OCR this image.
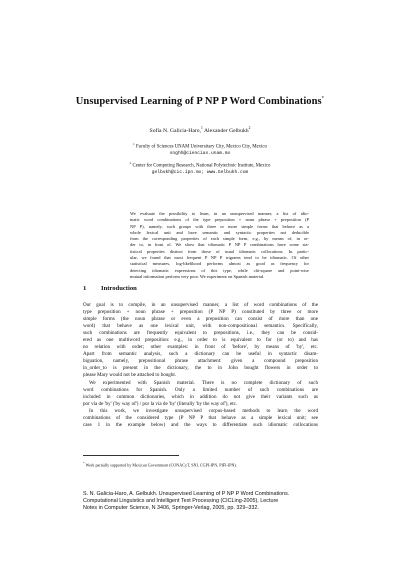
Unsupervised Learning of P NP P Word Combinations*
Sofía N. Galicia-Haro,$^1$ Alexander Gelbukh$^2$
$^1$ Faculty of Sciences UNAM Universitary City, Mexico City, Mexico
snghh@ciencias.unam.mx
$^2$ Center for Computing Research, National Polytechnic Institute, Mexico
gelbukh@cic.ipn.mx; www.Gelbukh.com
We evaluate the possibility to learn, in an unsupervised manner, a list of idio-
matic word combinations of the type preposition + noun phrase + preposition (P
NP P), namely, such groups with three or more simple forms that behave as a
whole lexical unit and have semantic and syntactic properties not deducible
from the corresponding properties of each simple form, e.g., by means of, in or-
der to, in front of. We show that idiomatic P NP P combinations have some sta-
tistical properties distinct from those of usual idiomatic collocations. In partic-
ular, we found that most frequent P NP P trigrams tend to be idiomatic. Of other
statistical measures, log-likelihood performs almost as good as frequency for
detecting idiomatic expressions of this type, while chi-square and point-wise
mutual information perform very poor. We experiment on Spanish material.
1 Introduction
Our goal is to compile, in an unsupervised manner, a list of word combinations of the
type preposition + noun phrase + preposition (P NP P) constituted by three or more
simple forms (the noun phrase or even a preposition can consist of more than one
word) that behave as one lexical unit, with non-compositional semantics. Specifically,
such combinations are frequently equivalent to prepositions, i.e., they can be consid-
ered as one multiword preposition: e.g., in order to is equivalent to for (or to) and has
no relation with order; other examples: in front of 'before', by means of 'by', etc.
Apart from semantic analysis, such a dictionary can be useful in syntactic disam-
biguation, namely, prepositional phrase attachment: given a compound preposition
in_order_to is present in the dictionary, the to in John bought flowers in order to
please Mary would not be attached to bought.
We experimented with Spanish material. There is no complete dictionary of such
word combinations for Spanish. Only a limited number of such combinations are
included in common dictionaries, which in addition do not give their variants such as
por vía de 'by' ('by way of') / por la vía de 'by' (literally 'by the way of'), etc.
In this work, we investigate unsupervised corpus-based methods to learn the word
combinations of the considered type (P NP P that behave as a simple lexical unit; see
case 1 in the example below) and the ways to differentiate such idiomatic collocations
* Work partially supported by Mexican Government (CONACyT, SNI, CGPI-IPN, PIFI-IPN).
S. N. Galicia-Haro, A. Gelbukh. Unsupervised Learning of P NP P Word Combinations.
Computational Linguistics and Intelligent Text Processing (CICLing-2005), Lecture
Notes in Computer Science, N 3406, Springer-Verlag, 2005, pp. 329–332.
